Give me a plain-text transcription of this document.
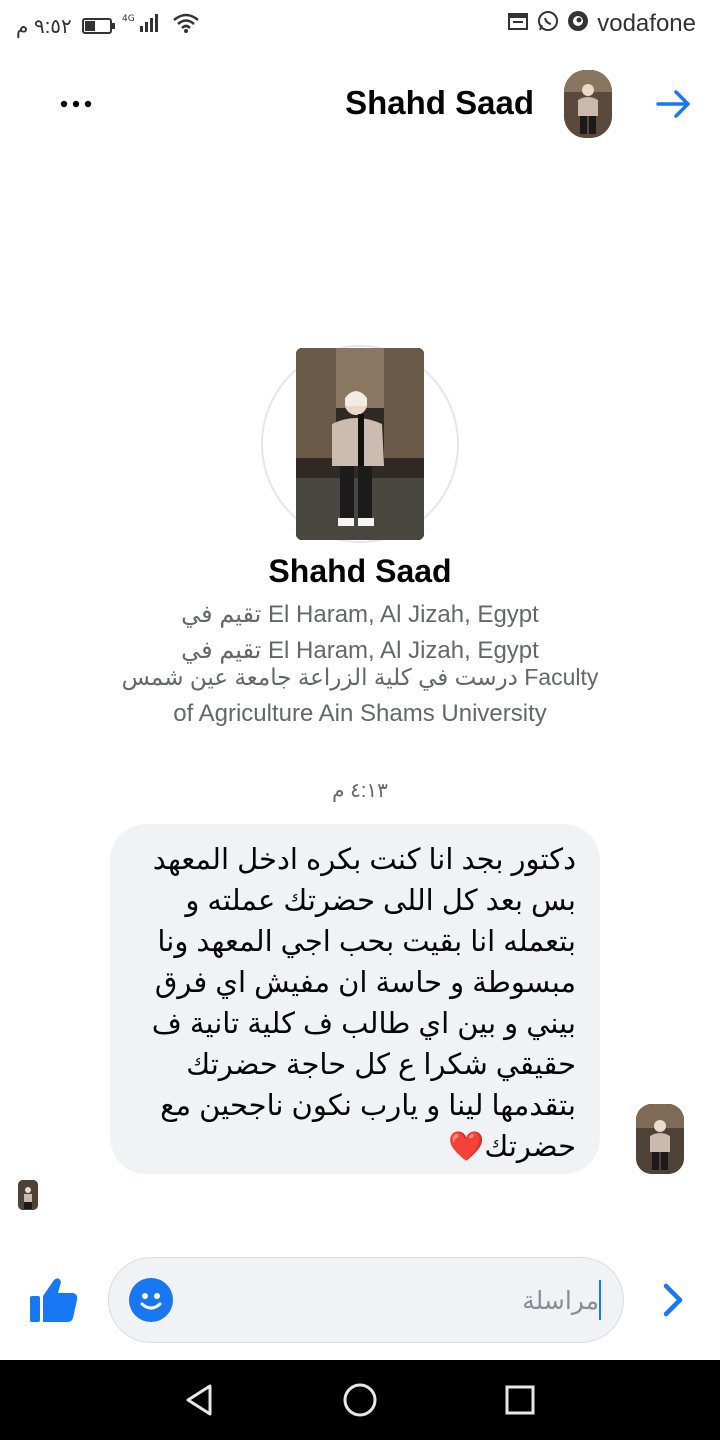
٩:٥٢ م	4G	vodafone
Shahd Saad
Shahd Saad
تقيم في El Haram, Al Jizah, Egypt
تقيم في El Haram, Al Jizah, Egypt
درست في كلية الزراعة جامعة عين شمس Faculty
of Agriculture Ain Shams University
٤:١٣ م
دكتور بجد انا كنت بكره ادخل المعهد
بس بعد كل اللى حضرتك عملته و
بتعمله انا بقيت بحب اجي المعهد ونا
مبسوطة و حاسة ان مفيش اي فرق
بيني و بين اي طالب ف كلية تانية ف
حقيقي شكرا ع كل حاجة حضرتك
بتقدمها لينا و يارب نكون ناجحين مع
حضرتك❤️
مراسلة
